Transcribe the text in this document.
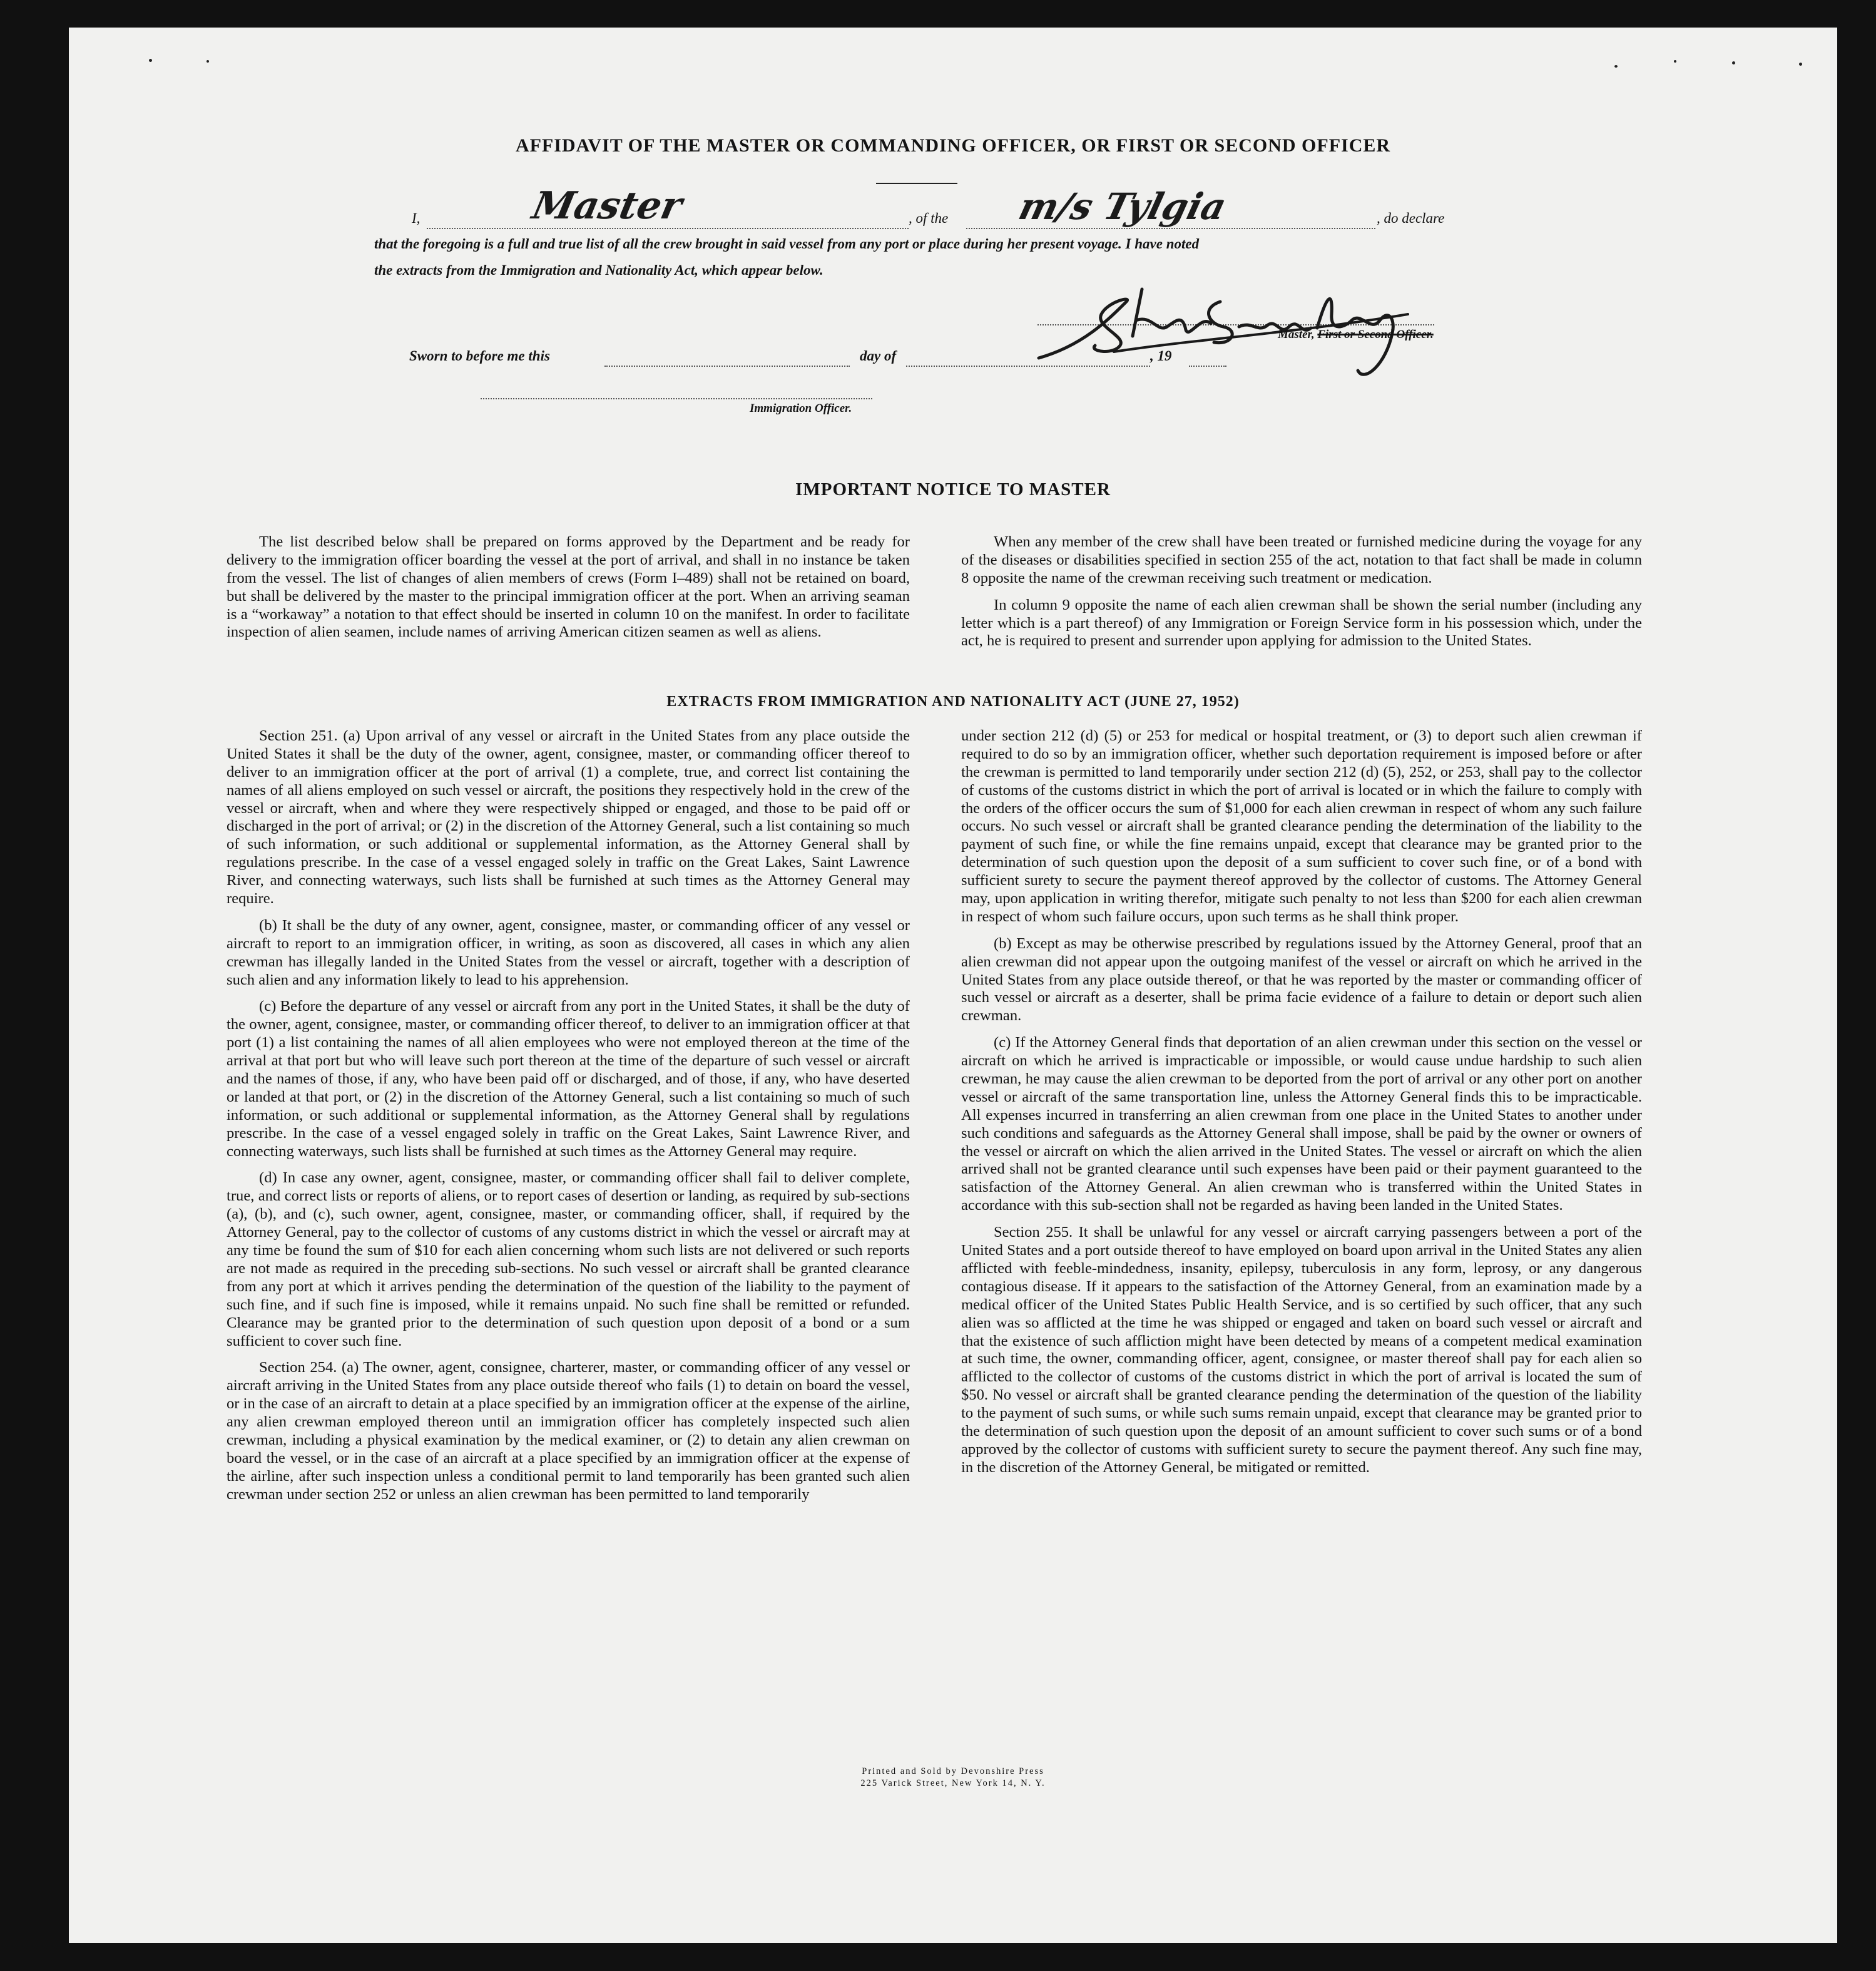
AFFIDAVIT OF THE MASTER OR COMMANDING OFFICER, OR FIRST OR SECOND OFFICER
I,	Master	, of the m/s Tylgia	, do declare
that the foregoing is a full and true list of all the crew brought in said vessel from any port or place during her present voyage. I have noted
the extracts from the Immigration and Nationality Act, which appear below.
Master, First or Second Officer.
Sworn to before me this	day of	, 19
Immigration Officer.
IMPORTANT NOTICE TO MASTER

The list described below shall be prepared on forms approved by the Department and be ready for delivery to the immigration officer boarding the vessel at the port of arrival, and shall in no instance be taken from the vessel. The list of changes of alien members of crews (Form I–489) shall not be retained on board, but shall be delivered by the master to the principal immigration officer at the port. When an arriving seaman is a “workaway” a notation to that effect should be inserted in column 10 on the manifest. In order to facilitate inspection of alien seamen, include names of arriving American citizen seamen as well as aliens.

When any member of the crew shall have been treated or furnished medicine during the voyage for any of the diseases or disabilities specified in section 255 of the act, notation to that fact shall be made in column 8 opposite the name of the crewman receiving such treatment or medication.

In column 9 opposite the name of each alien crewman shall be shown the serial number (including any letter which is a part thereof) of any Immigration or Foreign Service form in his possession which, under the act, he is required to present and surrender upon applying for admission to the United States.

EXTRACTS FROM IMMIGRATION AND NATIONALITY ACT (JUNE 27, 1952)

Section 251. (a) Upon arrival of any vessel or aircraft in the United States from any place outside the United States it shall be the duty of the owner, agent, consignee, master, or commanding officer thereof to deliver to an immigration officer at the port of arrival (1) a complete, true, and correct list containing the names of all aliens employed on such vessel or aircraft, the positions they respectively hold in the crew of the vessel or aircraft, when and where they were respectively shipped or engaged, and those to be paid off or discharged in the port of arrival; or (2) in the discretion of the Attorney General, such a list containing so much of such information, or such additional or supplemental information, as the Attorney General shall by regulations prescribe. In the case of a vessel engaged solely in traffic on the Great Lakes, Saint Lawrence River, and connecting waterways, such lists shall be furnished at such times as the Attorney General may require.

(b) It shall be the duty of any owner, agent, consignee, master, or commanding officer of any vessel or aircraft to report to an immigration officer, in writing, as soon as discovered, all cases in which any alien crewman has illegally landed in the United States from the vessel or aircraft, together with a description of such alien and any information likely to lead to his apprehension.

(c) Before the departure of any vessel or aircraft from any port in the United States, it shall be the duty of the owner, agent, consignee, master, or commanding officer thereof, to deliver to an immigration officer at that port (1) a list containing the names of all alien employees who were not employed thereon at the time of the arrival at that port but who will leave such port thereon at the time of the departure of such vessel or aircraft and the names of those, if any, who have been paid off or discharged, and of those, if any, who have deserted or landed at that port, or (2) in the discretion of the Attorney General, such a list containing so much of such information, or such additional or supplemental information, as the Attorney General shall by regulations prescribe. In the case of a vessel engaged solely in traffic on the Great Lakes, Saint Lawrence River, and connecting waterways, such lists shall be furnished at such times as the Attorney General may require.

(d) In case any owner, agent, consignee, master, or commanding officer shall fail to deliver complete, true, and correct lists or reports of aliens, or to report cases of desertion or landing, as required by sub-sections (a), (b), and (c), such owner, agent, consignee, master, or commanding officer, shall, if required by the Attorney General, pay to the collector of customs of any customs district in which the vessel or aircraft may at any time be found the sum of $10 for each alien concerning whom such lists are not delivered or such reports are not made as required in the preceding sub-sections. No such vessel or aircraft shall be granted clearance from any port at which it arrives pending the determination of the question of the liability to the payment of such fine, and if such fine is imposed, while it remains unpaid. No such fine shall be remitted or refunded. Clearance may be granted prior to the determination of such question upon deposit of a bond or a sum sufficient to cover such fine.

Section 254. (a) The owner, agent, consignee, charterer, master, or commanding officer of any vessel or aircraft arriving in the United States from any place outside thereof who fails (1) to detain on board the vessel, or in the case of an aircraft to detain at a place specified by an immigration officer at the expense of the airline, any alien crewman employed thereon until an immigration officer has completely inspected such alien crewman, including a physical examination by the medical examiner, or (2) to detain any alien crewman on board the vessel, or in the case of an aircraft at a place specified by an immigration officer at the expense of the airline, after such inspection unless a conditional permit to land temporarily has been granted such alien crewman under section 252 or unless an alien crewman has been permitted to land temporarily

under section 212 (d) (5) or 253 for medical or hospital treatment, or (3) to deport such alien crewman if required to do so by an immigration officer, whether such deportation requirement is imposed before or after the crewman is permitted to land temporarily under section 212 (d) (5), 252, or 253, shall pay to the collector of customs of the customs district in which the port of arrival is located or in which the failure to comply with the orders of the officer occurs the sum of $1,000 for each alien crewman in respect of whom any such failure occurs. No such vessel or aircraft shall be granted clearance pending the determination of the liability to the payment of such fine, or while the fine remains unpaid, except that clearance may be granted prior to the determination of such question upon the deposit of a sum sufficient to cover such fine, or of a bond with sufficient surety to secure the payment thereof approved by the collector of customs. The Attorney General may, upon application in writing therefor, mitigate such penalty to not less than $200 for each alien crewman in respect of whom such failure occurs, upon such terms as he shall think proper.

(b) Except as may be otherwise prescribed by regulations issued by the Attorney General, proof that an alien crewman did not appear upon the outgoing manifest of the vessel or aircraft on which he arrived in the United States from any place outside thereof, or that he was reported by the master or commanding officer of such vessel or aircraft as a deserter, shall be prima facie evidence of a failure to detain or deport such alien crewman.

(c) If the Attorney General finds that deportation of an alien crewman under this section on the vessel or aircraft on which he arrived is impracticable or impossible, or would cause undue hardship to such alien crewman, he may cause the alien crewman to be deported from the port of arrival or any other port on another vessel or aircraft of the same transportation line, unless the Attorney General finds this to be impracticable. All expenses incurred in transferring an alien crewman from one place in the United States to another under such conditions and safeguards as the Attorney General shall impose, shall be paid by the owner or owners of the vessel or aircraft on which the alien arrived in the United States. The vessel or aircraft on which the alien arrived shall not be granted clearance until such expenses have been paid or their payment guaranteed to the satisfaction of the Attorney General. An alien crewman who is transferred within the United States in accordance with this sub-section shall not be regarded as having been landed in the United States.

Section 255. It shall be unlawful for any vessel or aircraft carrying passengers between a port of the United States and a port outside thereof to have employed on board upon arrival in the United States any alien afflicted with feeble-mindedness, insanity, epilepsy, tuberculosis in any form, leprosy, or any dangerous contagious disease. If it appears to the satisfaction of the Attorney General, from an examination made by a medical officer of the United States Public Health Service, and is so certified by such officer, that any such alien was so afflicted at the time he was shipped or engaged and taken on board such vessel or aircraft and that the existence of such affliction might have been detected by means of a competent medical examination at such time, the owner, commanding officer, agent, consignee, or master thereof shall pay for each alien so afflicted to the collector of customs of the customs district in which the port of arrival is located the sum of $50. No vessel or aircraft shall be granted clearance pending the determination of the question of the liability to the payment of such sums, or while such sums remain unpaid, except that clearance may be granted prior to the determination of such question upon the deposit of an amount sufficient to cover such sums or of a bond approved by the collector of customs with sufficient surety to secure the payment thereof. Any such fine may, in the discretion of the Attorney General, be mitigated or remitted.

Printed and Sold by Devonshire Press
225 Varick Street, New York 14, N. Y.
